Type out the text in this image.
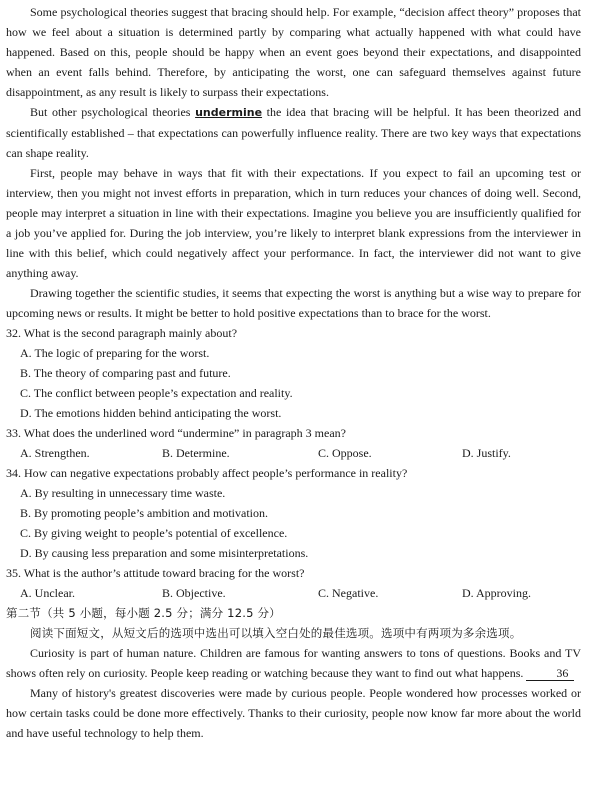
Some psychological theories suggest that bracing should help. For example, “decision affect theory” proposes that how we feel about a situation is determined partly by comparing what actually happened with what could have happened. Based on this, people should be happy when an event goes beyond their expectations, and disappointed when an event falls behind. Therefore, by anticipating the worst, one can safeguard themselves against future disappointment, as any result is likely to surpass their expectations.

But other psychological theories undermine the idea that bracing will be helpful. It has been theorized and scientifically established – that expectations can powerfully influence reality. There are two key ways that expectations can shape reality.

First, people may behave in ways that fit with their expectations. If you expect to fail an upcoming test or interview, then you might not invest efforts in preparation, which in turn reduces your chances of doing well. Second, people may interpret a situation in line with their expectations. Imagine you believe you are insufficiently qualified for a job you’ve applied for. During the job interview, you’re likely to interpret blank expressions from the interviewer in line with this belief, which could negatively affect your performance. In fact, the interviewer did not want to give anything away.

Drawing together the scientific studies, it seems that expecting the worst is anything but a wise way to prepare for upcoming news or results. It might be better to hold positive expectations than to brace for the worst.

32. What is the second paragraph mainly about?

A. The logic of preparing for the worst.
B. The theory of comparing past and future.
C. The conflict between people’s expectation and reality.
D. The emotions hidden behind anticipating the worst.

33. What does the underlined word “undermine” in paragraph 3 mean?

A. Strengthen.	B. Determine.	C. Oppose.	D. Justify.

34. How can negative expectations probably affect people’s performance in reality?

A. By resulting in unnecessary time waste.
B. By promoting people’s ambition and motivation.
C. By giving weight to people’s potential of excellence.
D. By causing less preparation and some misinterpretations.

35. What is the author’s attitude toward bracing for the worst?

A. Unclear.	B. Objective.	C. Negative.	D. Approving.

第二节（共 5 小题，每小题 2.5 分；满分 12.5 分）

阅读下面短文，从短文后的选项中选出可以填入空白处的最佳选项。选项中有两项为多余选项。

Curiosity is part of human nature. Children are famous for wanting answers to tons of questions. Books and TV shows often rely on curiosity. People keep reading or watching because they want to find out what happens.	36

Many of history's greatest discoveries were made by curious people. People wondered how processes worked or how certain tasks could be done more effectively. Thanks to their curiosity, people now know far more about the world and have useful technology to help them.
